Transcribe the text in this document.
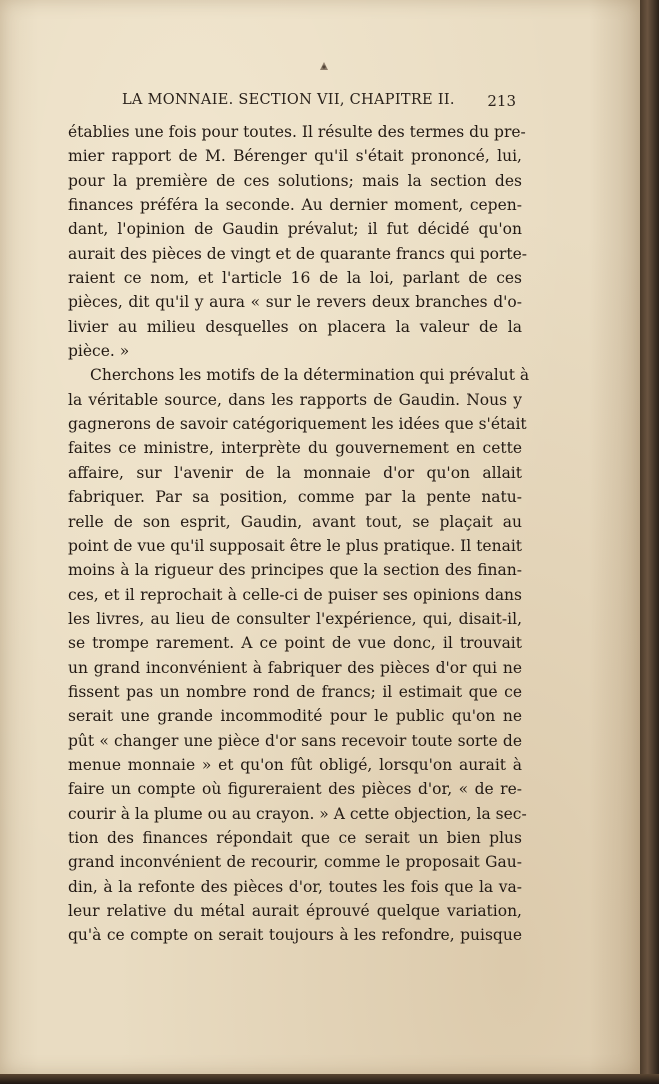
LA MONNAIE. SECTION VII, CHAPITRE II. 213
établies une fois pour toutes. Il résulte des termes du pre-
mier rapport de M. Bérenger qu'il s'était prononcé, lui,
pour la première de ces solutions; mais la section des
finances préféra la seconde. Au dernier moment, cepen-
dant, l'opinion de Gaudin prévalut; il fut décidé qu'on
aurait des pièces de vingt et de quarante francs qui porte-
raient ce nom, et l'article 16 de la loi, parlant de ces
pièces, dit qu'il y aura « sur le revers deux branches d'o-
livier au milieu desquelles on placera la valeur de la
pièce. »
Cherchons les motifs de la détermination qui prévalut à
la véritable source, dans les rapports de Gaudin. Nous y
gagnerons de savoir catégoriquement les idées que s'était
faites ce ministre, interprète du gouvernement en cette
affaire, sur l'avenir de la monnaie d'or qu'on allait
fabriquer. Par sa position, comme par la pente natu-
relle de son esprit, Gaudin, avant tout, se plaçait au
point de vue qu'il supposait être le plus pratique. Il tenait
moins à la rigueur des principes que la section des finan-
ces, et il reprochait à celle-ci de puiser ses opinions dans
les livres, au lieu de consulter l'expérience, qui, disait-il,
se trompe rarement. A ce point de vue donc, il trouvait
un grand inconvénient à fabriquer des pièces d'or qui ne
fissent pas un nombre rond de francs; il estimait que ce
serait une grande incommodité pour le public qu'on ne
pût « changer une pièce d'or sans recevoir toute sorte de
menue monnaie » et qu'on fût obligé, lorsqu'on aurait à
faire un compte où figureraient des pièces d'or, « de re-
courir à la plume ou au crayon. » A cette objection, la sec-
tion des finances répondait que ce serait un bien plus
grand inconvénient de recourir, comme le proposait Gau-
din, à la refonte des pièces d'or, toutes les fois que la va-
leur relative du métal aurait éprouvé quelque variation,
qu'à ce compte on serait toujours à les refondre, puisque
